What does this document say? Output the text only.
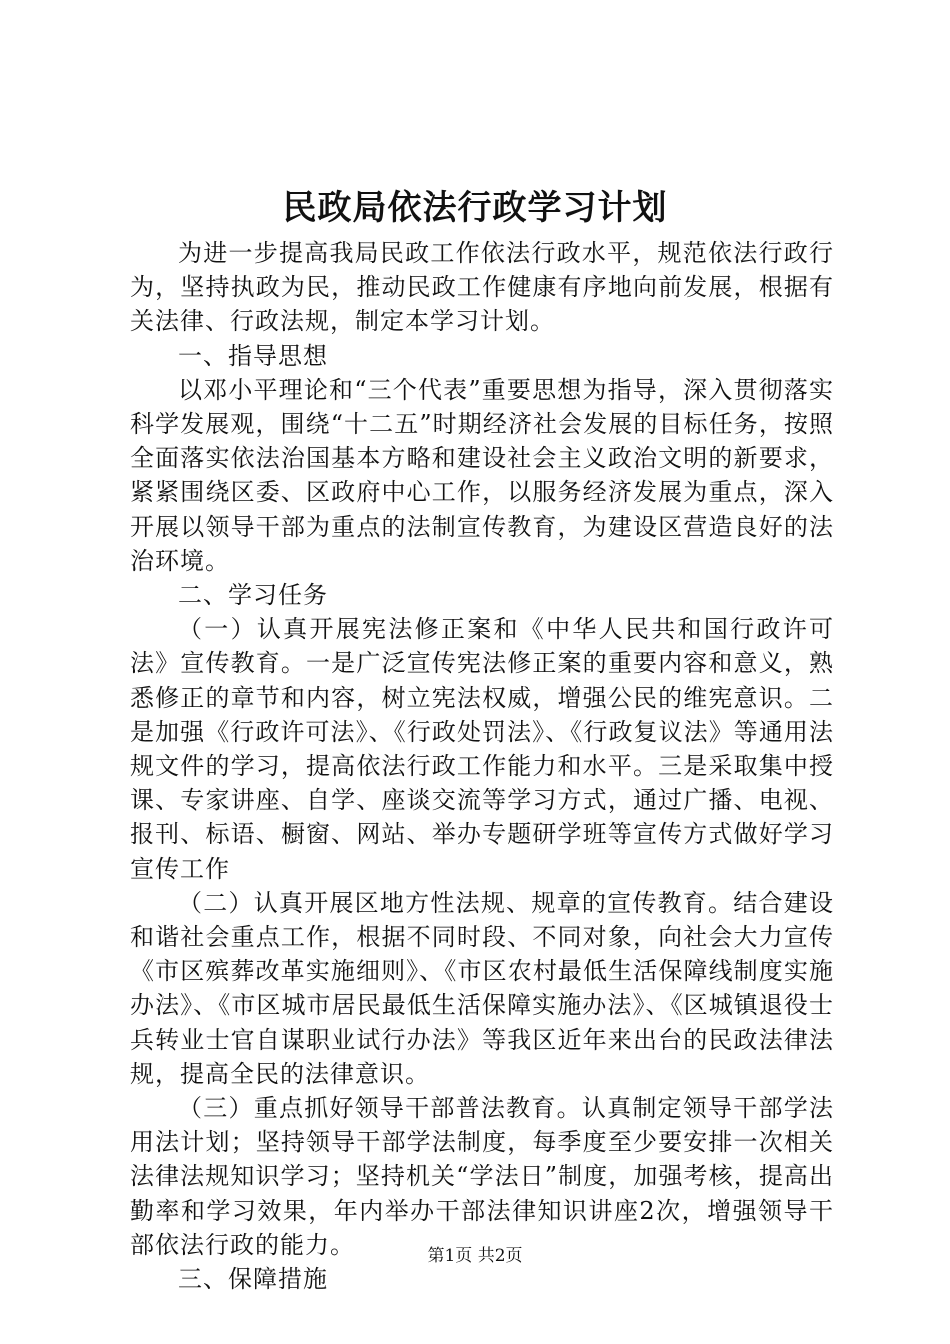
民政局依法行政学习计划

为进一步提高我局民政工作依法行政水平，规范依法行政行为，坚持执政为民，推动民政工作健康有序地向前发展，根据有关法律、行政法规，制定本学习计划。

一、指导思想

以邓小平理论和“三个代表”重要思想为指导，深入贯彻落实科学发展观，围绕“十二五”时期经济社会发展的目标任务，按照全面落实依法治国基本方略和建设社会主义政治文明的新要求，紧紧围绕区委、区政府中心工作，以服务经济发展为重点，深入开展以领导干部为重点的法制宣传教育，为建设区营造良好的法治环境。

二、学习任务

（一）认真开展宪法修正案和《中华人民共和国行政许可法》宣传教育。一是广泛宣传宪法修正案的重要内容和意义，熟悉修正的章节和内容，树立宪法权威，增强公民的维宪意识。二是加强《行政许可法》、《行政处罚法》、《行政复议法》等通用法规文件的学习，提高依法行政工作能力和水平。三是采取集中授课、专家讲座、自学、座谈交流等学习方式，通过广播、电视、报刊、标语、橱窗、网站、举办专题研学班等宣传方式做好学习宣传工作

（二）认真开展区地方性法规、规章的宣传教育。结合建设和谐社会重点工作，根据不同时段、不同对象，向社会大力宣传《市区殡葬改革实施细则》、《市区农村最低生活保障线制度实施办法》、《市区城市居民最低生活保障实施办法》、《区城镇退役士兵转业士官自谋职业试行办法》等我区近年来出台的民政法律法规，提高全民的法律意识。

（三）重点抓好领导干部普法教育。认真制定领导干部学法用法计划；坚持领导干部学法制度，每季度至少要安排一次相关法律法规知识学习；坚持机关“学法日”制度，加强考核，提高出勤率和学习效果，年内举办干部法律知识讲座2次，增强领导干部依法行政的能力。

三、保障措施

第1页 共2页
